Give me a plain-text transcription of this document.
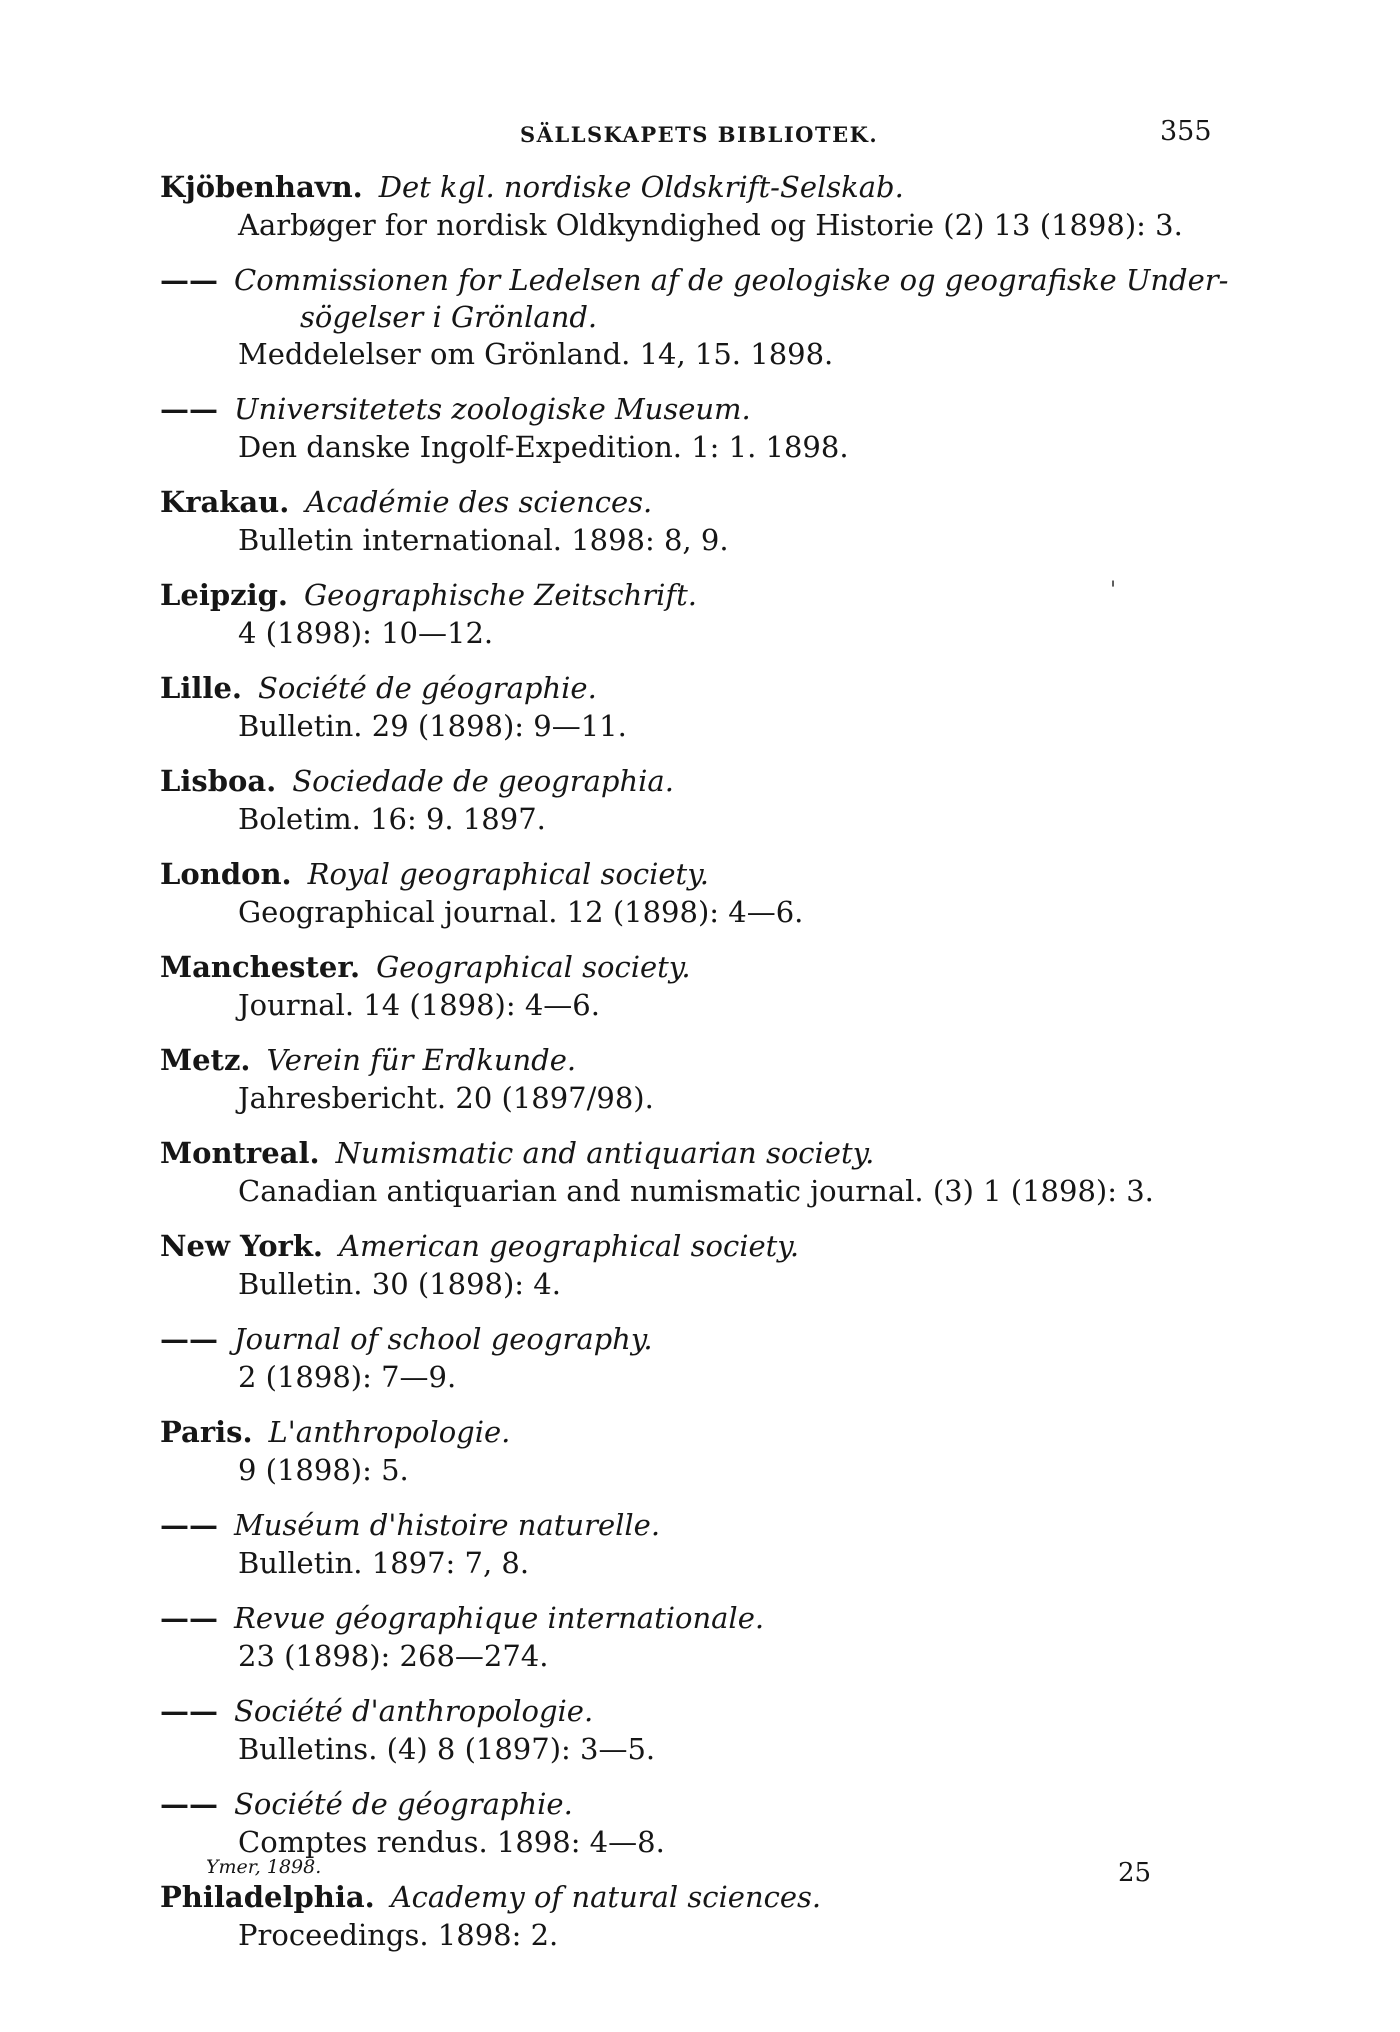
SÄLLSKAPETS BIBLIOTEK.	355
'
Kjöbenhavn. Det kgl. nordiske Oldskrift-Selskab.
Aarbøger for nordisk Oldkyndighed og Historie (2) 13 (1898): 3.
—— Commissionen for Ledelsen af de geologiske og geografiske Under-
sögelser i Grönland.
Meddelelser om Grönland. 14, 15. 1898.
—— Universitetets zoologiske Museum.
Den danske Ingolf-Expedition. 1: 1. 1898.
Krakau. Académie des sciences.
Bulletin international. 1898: 8, 9.
Leipzig. Geographische Zeitschrift.
4 (1898): 10—12.
Lille. Société de géographie.
Bulletin. 29 (1898): 9—11.
Lisboa. Sociedade de geographia.
Boletim. 16: 9. 1897.
London. Royal geographical society.
Geographical journal. 12 (1898): 4—6.
Manchester. Geographical society.
Journal. 14 (1898): 4—6.
Metz. Verein für Erdkunde.
Jahresbericht. 20 (1897/98).
Montreal. Numismatic and antiquarian society.
Canadian antiquarian and numismatic journal. (3) 1 (1898): 3.
New York. American geographical society.
Bulletin. 30 (1898): 4.
—— Journal of school geography.
2 (1898): 7—9.
Paris. L'anthropologie.
9 (1898): 5.
—— Muséum d'histoire naturelle.
Bulletin. 1897: 7, 8.
—— Revue géographique internationale.
23 (1898): 268—274.
—— Société d'anthropologie.
Bulletins. (4) 8 (1897): 3—5.
—— Société de géographie.
Comptes rendus. 1898: 4—8.
Philadelphia. Academy of natural sciences.
Proceedings. 1898: 2.
Ymer, 1898.	25
